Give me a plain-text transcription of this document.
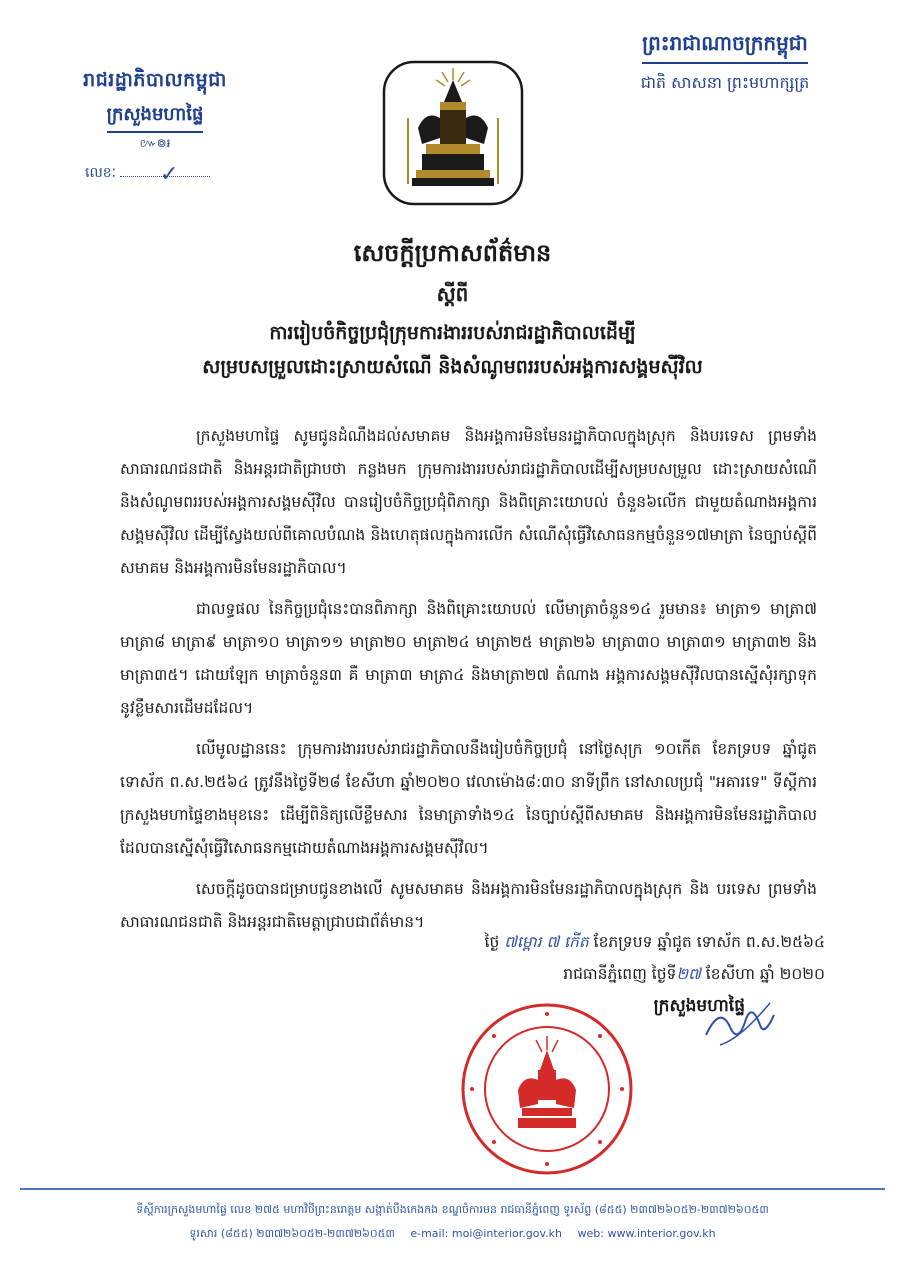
រាជរដ្ឋាភិបាលកម្ពុជា
ក្រសួងមហាផ្ទៃ
៚៙៛
លេខៈ ✓
ព្រះរាជាណាចក្រកម្ពុជា
ជាតិ សាសនា ព្រះមហាក្សត្រ
សេចក្តីប្រកាសព័ត៌មាន
ស្តីពី
ការរៀបចំកិច្ចប្រជុំក្រុមការងាររបស់រាជរដ្ឋាភិបាលដើម្បី
សម្របសម្រួលដោះស្រាយសំណើ និងសំណូមពររបស់អង្គការសង្គមស៊ីវិល

ក្រសួងមហាផ្ទៃ សូមជូនដំណឹងដល់សមាគម និងអង្គការមិនមែនរដ្ឋាភិបាលក្នុងស្រុក និងបរទេស ព្រមទាំងសាធារណជនជាតិ និងអន្តរជាតិជ្រាបថា កន្លងមក ក្រុមការងាររបស់រាជរដ្ឋាភិបាលដើម្បីសម្របសម្រួល ដោះស្រាយសំណើ និងសំណូមពររបស់អង្គការសង្គមស៊ីវិល បានរៀបចំកិច្ចប្រជុំពិភាក្សា និងពិគ្រោះយោបល់ ចំនួន៦លើក ជាមួយតំណាងអង្គការសង្គមស៊ីវិល ដើម្បីស្វែងយល់ពីគោលបំណង និងហេតុផលក្នុងការលើក សំណើសុំធ្វើវិសោធនកម្មចំនួន១៧មាត្រា នៃច្បាប់ស្តីពីសមាគម និងអង្គការមិនមែនរដ្ឋាភិបាល។

ជាលទ្ធផល នៃកិច្ចប្រជុំនេះបានពិភាក្សា និងពិគ្រោះយោបល់ លើមាត្រាចំនួន១៤ រួមមាន៖ មាត្រា១ មាត្រា៧ មាត្រា៨ មាត្រា៩ មាត្រា១០ មាត្រា១១ មាត្រា២០ មាត្រា២៤ មាត្រា២៥ មាត្រា២៦ មាត្រា៣០ មាត្រា៣១ មាត្រា៣២ និងមាត្រា៣៥។ ដោយឡែក មាត្រាចំនួន៣ គឺ មាត្រា៣ មាត្រា៤ និងមាត្រា២៧ តំណាង អង្គការសង្គមស៊ីវិលបានស្នើសុំរក្សាទុកនូវខ្លឹមសារដើមដដែល។

លើមូលដ្ឋាននេះ ក្រុមការងាររបស់រាជរដ្ឋាភិបាលនឹងរៀបចំកិច្ចប្រជុំ នៅថ្ងៃសុក្រ ១០កើត ខែភទ្របទ ឆ្នាំជូត ទោស័ក ព.ស.២៥៦៤ ត្រូវនឹងថ្ងៃទី២៨ ខែសីហា ឆ្នាំ២០២០ វេលាម៉ោង៨:៣០ នាទីព្រឹក នៅសាលប្រជុំ "អគារទេ" ទីស្តីការក្រសួងមហាផ្ទៃខាងមុខនេះ ដើម្បីពិនិត្យលើខ្លឹមសារ នៃមាត្រាទាំង១៤ នៃច្បាប់ស្តីពីសមាគម និងអង្គការមិនមែនរដ្ឋាភិបាល ដែលបានស្នើសុំធ្វើវិសោធនកម្មដោយតំណាងអង្គការសង្គមស៊ីវិល។

សេចក្តីដូចបានជម្រាបជូនខាងលើ សូមសមាគម និងអង្គការមិនមែនរដ្ឋាភិបាលក្នុងស្រុក និង បរទេស ព្រមទាំងសាធារណជនជាតិ និងអន្តរជាតិមេត្តាជ្រាបជាព័ត៌មាន។

ថ្ងៃ ៧ម្ពោរ ៧ កើត ខែភទ្របទ ឆ្នាំជូត ទោស័ក ព.ស.២៥៦៤
រាជធានីភ្នំពេញ ថ្ងៃទី២៧ ខែសីហា ឆ្នាំ ២០២០
ក្រសួងមហាផ្ទៃ
ទីស្តីការក្រសួងមហាផ្ទៃ លេខ ២៧៥ មហាវិថីព្រះនរោត្តម សង្កាត់បឹងកេងកង ខណ្ឌចំការមន រាជធានីភ្នំពេញ ទូរស័ព្ទ (៨៥៥) ២៣៧២៦០៥២-២៣៧២៦០៥៣
ទូរសារ (៨៥៥) ២៣៧២៦០៥២-២៣៧២៦០៥៣ e-mail: moi@interior.gov.kh web: www.interior.gov.kh
